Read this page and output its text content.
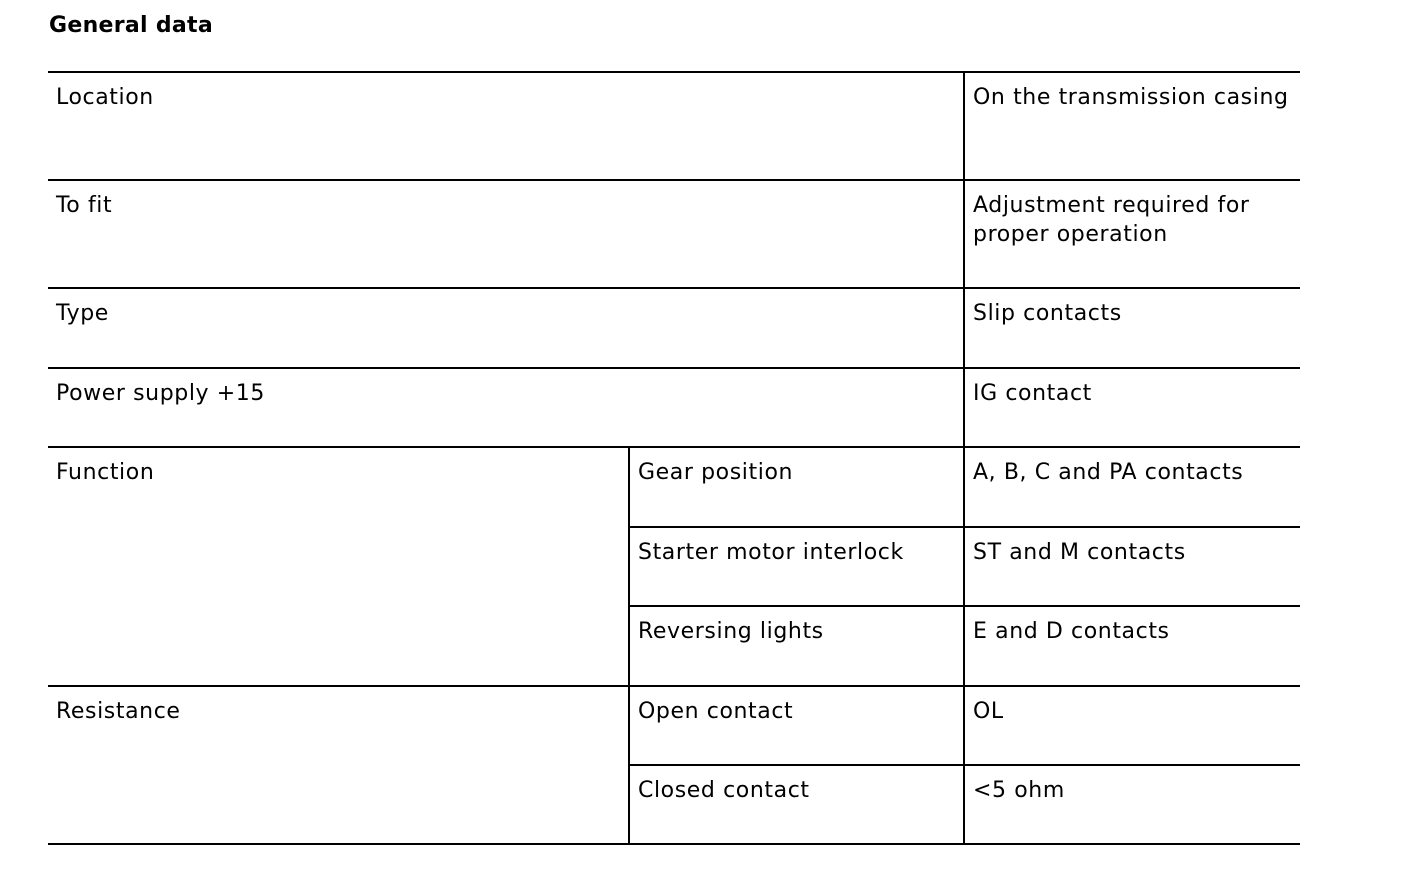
General data
Location		On the transmission casing
To fit		Adjustment required for proper operation
Type		Slip contacts
Power supply +15		IG contact
Function	Gear position	A, B, C and PA contacts
	Starter motor interlock	ST and M contacts
	Reversing lights	E and D contacts
Resistance	Open contact	OL
	Closed contact	<5 ohm
